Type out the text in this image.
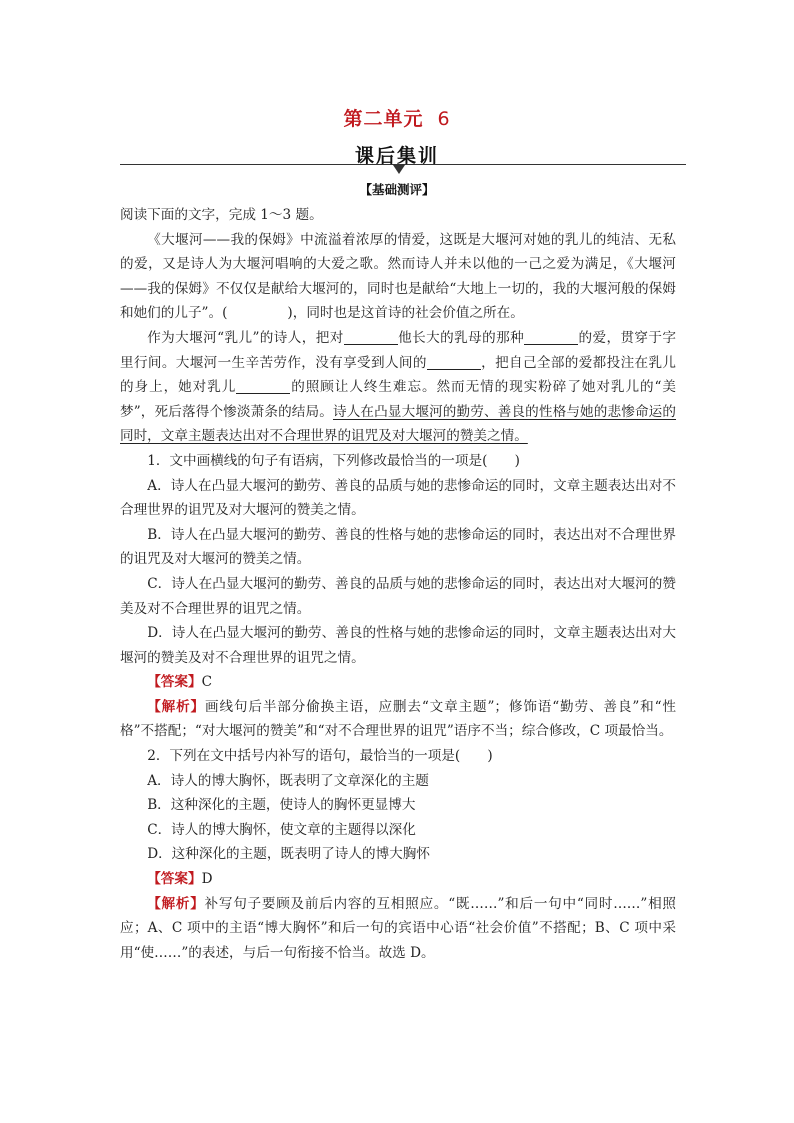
第二单元 6
课后集训
【基础测评】

阅读下面的文字，完成 1～3 题。

《大堰河——我的保姆》中流溢着浓厚的情爱，这既是大堰河对她的乳儿的纯洁、无私的爱，又是诗人为大堰河唱响的大爱之歌。然而诗人并未以他的一己之爱为满足，《大堰河——我的保姆》不仅仅是献给大堰河的，同时也是献给“大地上一切的，我的大堰河般的保姆和她们的儿子”。(	)，同时也是这首诗的社会价值之所在。

作为大堰河“乳儿”的诗人，把对	他长大的乳母的那种	的爱，贯穿于字里行间。大堰河一生辛苦劳作，没有享受到人间的	，把自己全部的爱都投注在乳儿的身上，她对乳儿	的照顾让人终生难忘。然而无情的现实粉碎了她对乳儿的“美梦”，死后落得个惨淡萧条的结局。诗人在凸显大堰河的勤劳、善良的性格与她的悲惨命运的同时，文章主题表达出对不合理世界的诅咒及对大堰河的赞美之情。

1．文中画横线的句子有语病，下列修改最恰当的一项是(　　)

A．诗人在凸显大堰河的勤劳、善良的品质与她的悲惨命运的同时，文章主题表达出对不合理世界的诅咒及对大堰河的赞美之情。

B．诗人在凸显大堰河的勤劳、善良的性格与她的悲惨命运的同时，表达出对不合理世界的诅咒及对大堰河的赞美之情。

C．诗人在凸显大堰河的勤劳、善良的品质与她的悲惨命运的同时，表达出对大堰河的赞美及对不合理世界的诅咒之情。

D．诗人在凸显大堰河的勤劳、善良的性格与她的悲惨命运的同时，文章主题表达出对大堰河的赞美及对不合理世界的诅咒之情。

【答案】C

【解析】画线句后半部分偷换主语，应删去“文章主题”；修饰语“勤劳、善良”和“性格”不搭配；“对大堰河的赞美”和“对不合理世界的诅咒”语序不当；综合修改，C 项最恰当。

2．下列在文中括号内补写的语句，最恰当的一项是(　　)

A．诗人的博大胸怀，既表明了文章深化的主题

B．这种深化的主题，使诗人的胸怀更显博大

C．诗人的博大胸怀，使文章的主题得以深化

D．这种深化的主题，既表明了诗人的博大胸怀

【答案】D

【解析】补写句子要顾及前后内容的互相照应。“既……”和后一句中“同时……”相照应；A、C 项中的主语“博大胸怀”和后一句的宾语中心语“社会价值”不搭配；B、C 项中采用“使……”的表述，与后一句衔接不恰当。故选 D。
